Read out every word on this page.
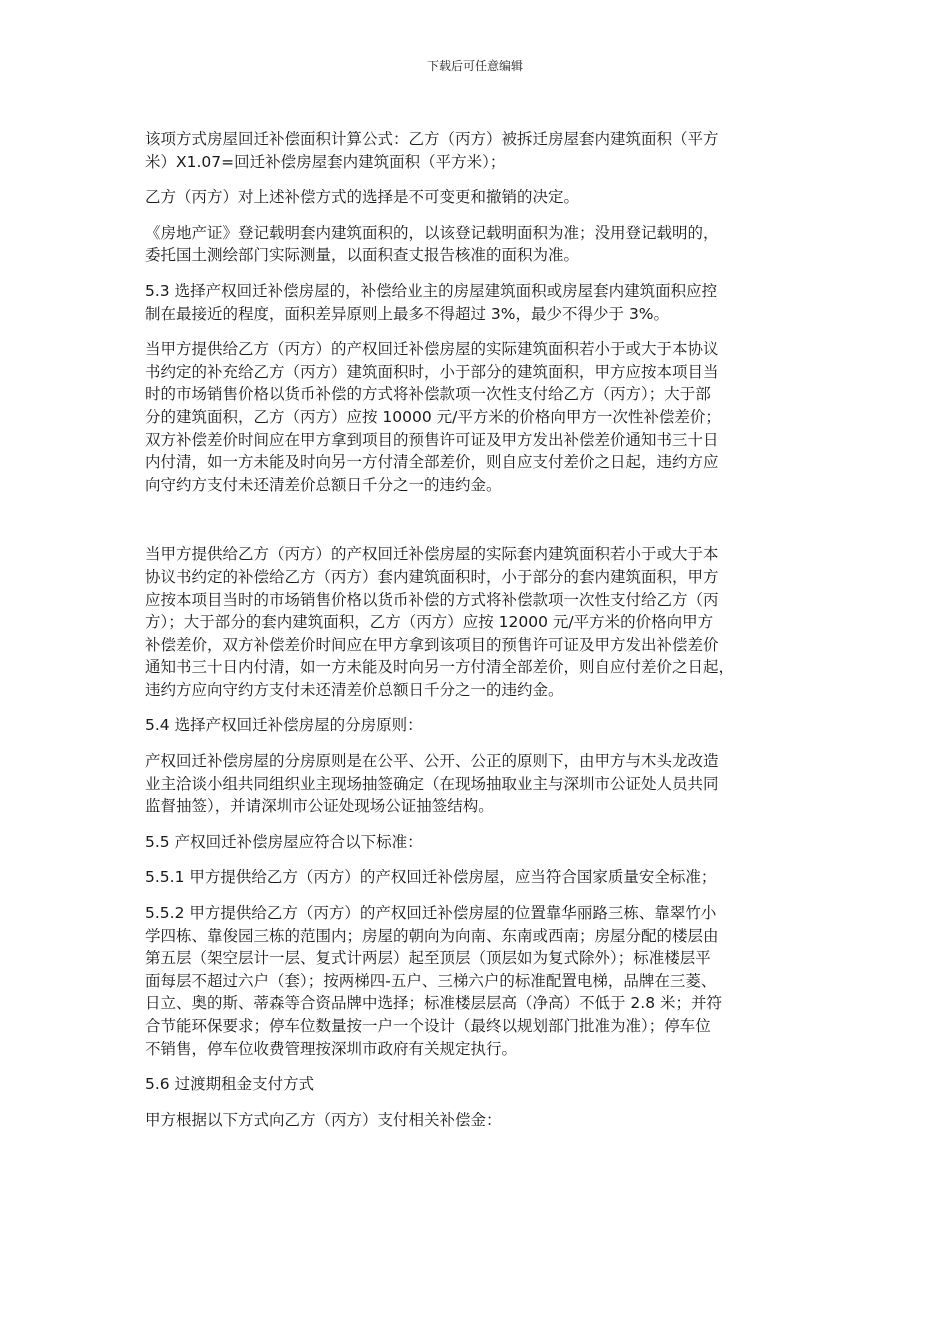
下载后可任意编辑

该项方式房屋回迁补偿面积计算公式：乙方（丙方）被拆迁房屋套内建筑面积（平方
米）X1.07=回迁补偿房屋套内建筑面积（平方米）；

乙方（丙方）对上述补偿方式的选择是不可变更和撤销的决定。

《房地产证》登记载明套内建筑面积的，以该登记载明面积为准；没用登记载明的，
委托国土测绘部门实际测量，以面积查丈报告核准的面积为准。

5.3 选择产权回迁补偿房屋的，补偿给业主的房屋建筑面积或房屋套内建筑面积应控
制在最接近的程度，面积差异原则上最多不得超过 3%，最少不得少于 3%。

当甲方提供给乙方（丙方）的产权回迁补偿房屋的实际建筑面积若小于或大于本协议
书约定的补充给乙方（丙方）建筑面积时，小于部分的建筑面积，甲方应按本项目当
时的市场销售价格以货币补偿的方式将补偿款项一次性支付给乙方（丙方）；大于部
分的建筑面积，乙方（丙方）应按 10000 元/平方米的价格向甲方一次性补偿差价；
双方补偿差价时间应在甲方拿到项目的预售许可证及甲方发出补偿差价通知书三十日
内付清，如一方未能及时向另一方付清全部差价，则自应支付差价之日起，违约方应
向守约方支付未还清差价总额日千分之一的违约金。

当甲方提供给乙方（丙方）的产权回迁补偿房屋的实际套内建筑面积若小于或大于本
协议书约定的补偿给乙方（丙方）套内建筑面积时，小于部分的套内建筑面积，甲方
应按本项目当时的市场销售价格以货币补偿的方式将补偿款项一次性支付给乙方（丙
方）；大于部分的套内建筑面积，乙方（丙方）应按 12000 元/平方米的价格向甲方
补偿差价，双方补偿差价时间应在甲方拿到该项目的预售许可证及甲方发出补偿差价
通知书三十日内付清，如一方未能及时向另一方付清全部差价，则自应付差价之日起，
违约方应向守约方支付未还清差价总额日千分之一的违约金。

5.4 选择产权回迁补偿房屋的分房原则：

产权回迁补偿房屋的分房原则是在公平、公开、公正的原则下，由甲方与木头龙改造
业主洽谈小组共同组织业主现场抽签确定（在现场抽取业主与深圳市公证处人员共同
监督抽签），并请深圳市公证处现场公证抽签结构。

5.5 产权回迁补偿房屋应符合以下标准：

5.5.1 甲方提供给乙方（丙方）的产权回迁补偿房屋，应当符合国家质量安全标准；

5.5.2 甲方提供给乙方（丙方）的产权回迁补偿房屋的位置靠华丽路三栋、靠翠竹小
学四栋、靠俊园三栋的范围内；房屋的朝向为向南、东南或西南；房屋分配的楼层由
第五层（架空层计一层、复式计两层）起至顶层（顶层如为复式除外）；标准楼层平
面每层不超过六户（套）；按两梯四-五户、三梯六户的标准配置电梯，品牌在三菱、
日立、奥的斯、蒂森等合资品牌中选择；标准楼层层高（净高）不低于 2.8 米；并符
合节能环保要求；停车位数量按一户一个设计（最终以规划部门批准为准）；停车位
不销售，停车位收费管理按深圳市政府有关规定执行。

5.6 过渡期租金支付方式

甲方根据以下方式向乙方（丙方）支付相关补偿金：
